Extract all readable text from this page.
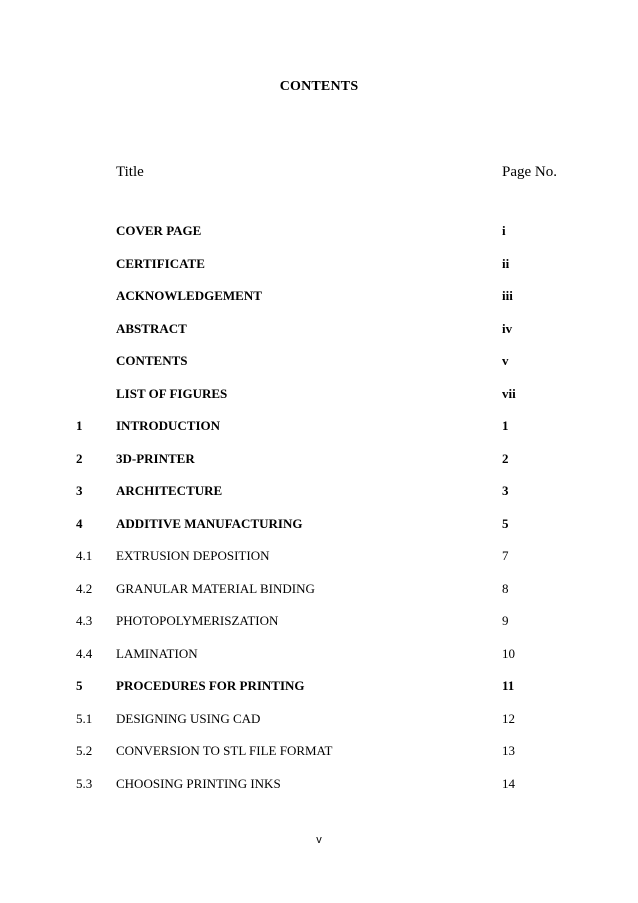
CONTENTS
Title	Page No.
COVER PAGE	i
CERTIFICATE	ii
ACKNOWLEDGEMENT	iii
ABSTRACT	iv
CONTENTS	v
LIST OF FIGURES	vii
1	INTRODUCTION	1
2	3D-PRINTER	2
3	ARCHITECTURE	3
4	ADDITIVE MANUFACTURING	5
4.1 EXTRUSION DEPOSITION	7
4.2 GRANULAR MATERIAL BINDING	8
4.3 PHOTOPOLYMERISZATION	9
4.4 LAMINATION	10
5	PROCEDURES FOR PRINTING	11
5.1 DESIGNING USING CAD	12
5.2 CONVERSION TO STL FILE FORMAT	13
5.3 CHOOSING PRINTING INKS	14
v
